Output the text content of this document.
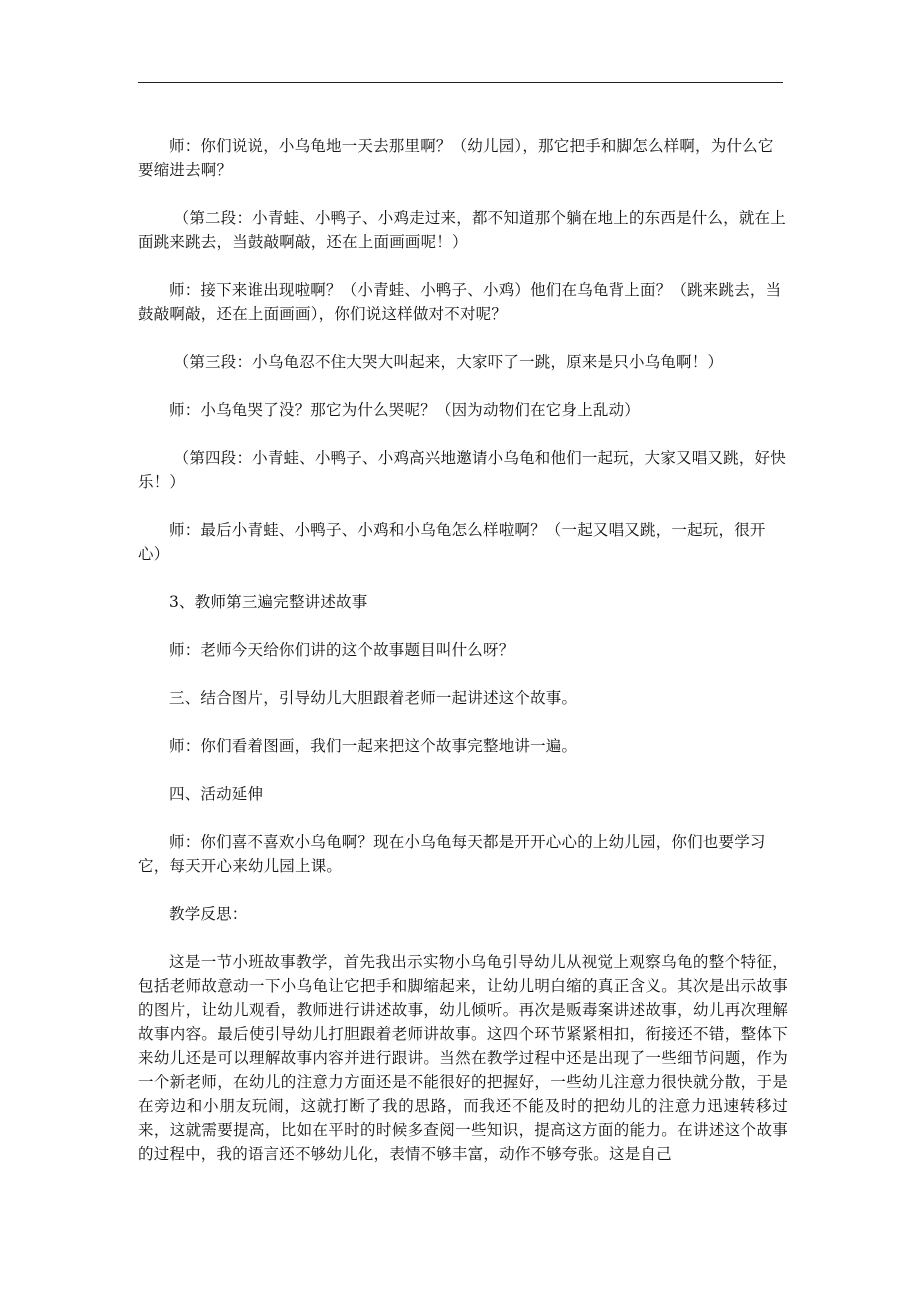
师：你们说说，小乌龟地一天去那里啊？（幼儿园），那它把手和脚怎么样啊，为什么它要缩进去啊？

（第二段：小青蛙、小鸭子、小鸡走过来，都不知道那个躺在地上的东西是什么，就在上面跳来跳去，当鼓敲啊敲，还在上面画画呢！）

师：接下来谁出现啦啊？（小青蛙、小鸭子、小鸡）他们在乌龟背上面？（跳来跳去，当鼓敲啊敲，还在上面画画），你们说这样做对不对呢？

（第三段：小乌龟忍不住大哭大叫起来，大家吓了一跳，原来是只小乌龟啊！）

师：小乌龟哭了没？那它为什么哭呢？（因为动物们在它身上乱动）

（第四段：小青蛙、小鸭子、小鸡高兴地邀请小乌龟和他们一起玩，大家又唱又跳，好快乐！）

师：最后小青蛙、小鸭子、小鸡和小乌龟怎么样啦啊？（一起又唱又跳，一起玩，很开心）

3、教师第三遍完整讲述故事

师：老师今天给你们讲的这个故事题目叫什么呀？

三、结合图片，引导幼儿大胆跟着老师一起讲述这个故事。

师：你们看着图画，我们一起来把这个故事完整地讲一遍。

四、活动延伸

师：你们喜不喜欢小乌龟啊？现在小乌龟每天都是开开心心的上幼儿园，你们也要学习它，每天开心来幼儿园上课。

教学反思：

这是一节小班故事教学，首先我出示实物小乌龟引导幼儿从视觉上观察乌龟的整个特征，包括老师故意动一下小乌龟让它把手和脚缩起来，让幼儿明白缩的真正含义。其次是出示故事的图片，让幼儿观看，教师进行讲述故事，幼儿倾听。再次是贩毒案讲述故事，幼儿再次理解故事内容。最后使引导幼儿打胆跟着老师讲故事。这四个环节紧紧相扣，衔接还不错，整体下来幼儿还是可以理解故事内容并进行跟讲。当然在教学过程中还是出现了一些细节问题，作为一个新老师，在幼儿的注意力方面还是不能很好的把握好，一些幼儿注意力很快就分散，于是在旁边和小朋友玩闹，这就打断了我的思路，而我还不能及时的把幼儿的注意力迅速转移过来，这就需要提高，比如在平时的时候多查阅一些知识，提高这方面的能力。在讲述这个故事的过程中，我的语言还不够幼儿化，表情不够丰富，动作不够夸张。这是自己
